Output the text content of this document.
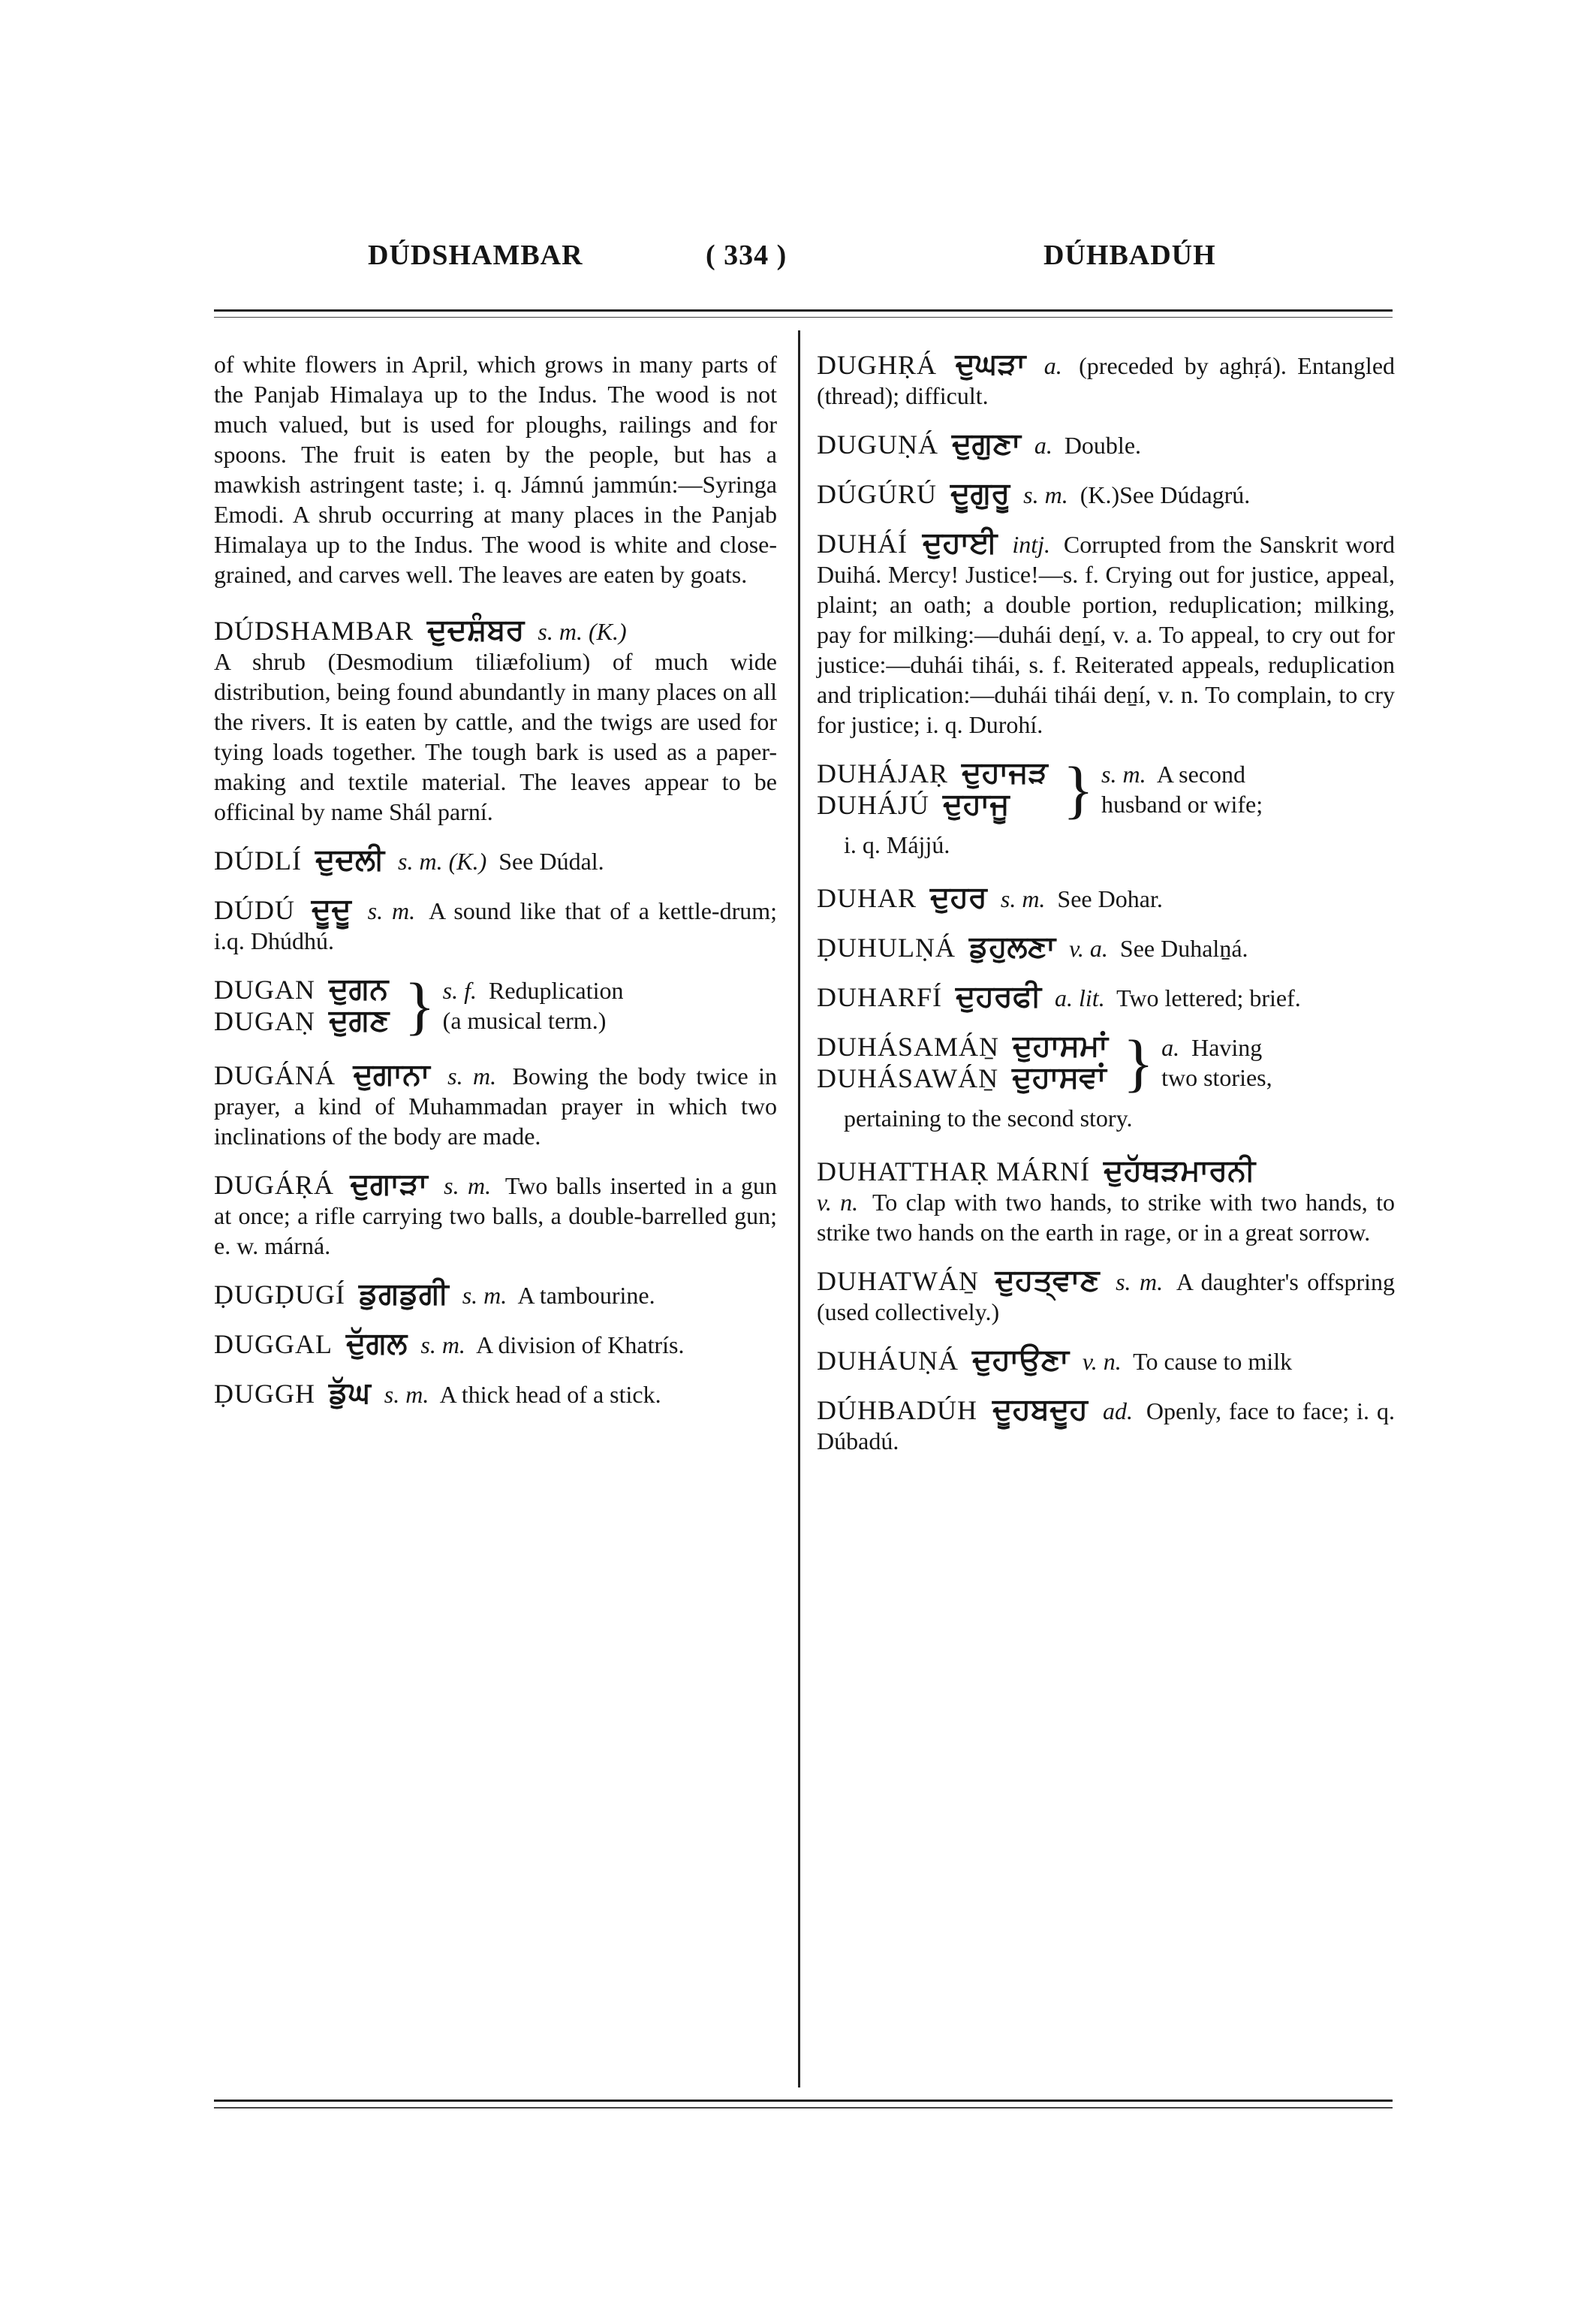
DÚDSHAMBAR	( 334 )	DÚHBADÚH

of white flowers in April, which grows in many parts of the Panjab Himalaya up to the Indus. The wood is not much valued, but is used for ploughs, railings and for spoons. The fruit is eaten by the people, but has a mawkish astringent taste; i. q. Jámnú jammún:—Syringa Emodi. A shrub occurring at many places in the Panjab Himalaya up to the Indus. The wood is white and close-grained, and carves well. The leaves are eaten by goats.

DÚDSHAMBAR ਦੁਦਸ਼ੰਬਰ s. m. (K.)
A shrub (Desmodium tiliæfolium) of much wide distribution, being found abundantly in many places on all the rivers. It is eaten by cattle, and the twigs are used for tying loads together. The tough bark is used as a paper-making and textile material. The leaves appear to be officinal by name Shál parní.

DÚDLÍ ਦੁਦਲੀ s. m. (K.) See Dúdal.

DÚDÚ ਦੂਦੂ s. m. A sound like that of a kettle-drum; i.q. Dhúdhú.

DUGAN ਦੁਗਨ
DUGAṆ ਦੁਗਣ } s. f. Reduplication
(a musical term.)

DUGÁNÁ ਦੁਗਾਨਾ s. m. Bowing the body twice in prayer, a kind of Muhammadan prayer in which two inclinations of the body are made.

DUGÁṚÁ ਦੁਗਾੜਾ s. m. Two balls inserted in a gun at once; a rifle carrying two balls, a double-barrelled gun; e. w. márná.

ḌUGḌUGÍ ਡੁਗਡੁਗੀ s. m. A tambourine.

DUGGAL ਦੁੱਗਲ s. m. A division of Khatrís.

ḌUGGH ਡੁੱਘ s. m. A thick head of a stick.

DUGHṚÁ ਦੁਘੜਾ a. (preceded by aghṛá). Entangled (thread); difficult.

DUGUṆÁ ਦੁਗੁਣਾ a. Double.

DÚGÚRÚ ਦੂਗੁਰੂ s. m. (K.)See Dúdagrú.

DUHÁÍ ਦੁਹਾਈ intj. Corrupted from the Sanskrit word Duihá. Mercy! Justice!—s. f. Crying out for justice, appeal, plaint; an oath; a double portion, reduplication; milking, pay for milking:—duhái deṉí, v. a. To appeal, to cry out for justice:—duhái tihái, s. f. Reiterated appeals, reduplication and triplication:—duhái tihái deṉí, v. n. To complain, to cry for justice; i. q. Durohí.

DUHÁJAṚ ਦੁਹਾਜੜ
DUHÁJÚ ਦੁਹਾਜੂ } s. m. A second
husband or wife;

i. q. Májjú.

DUHAR ਦੁਹਰ s. m. See Dohar.

ḌUHULṆÁ ਡੁਹੁਲਣਾ v. a. See Duhalṉá.

DUHARFÍ ਦੁਹਰਫੀ a. lit. Two lettered; brief.

DUHÁSAMÁṈ ਦੁਹਾਸਮਾਂ
DUHÁSAWÁṈ ਦੁਹਾਸਵਾਂ } a. Having
two stories,

pertaining to the second story.

DUHATTHAṚ MÁRNÍ ਦੁਹੱਥੜਮਾਰਨੀ
v. n. To clap with two hands, to strike with two hands, to strike two hands on the earth in rage, or in a great sorrow.

DUHATWÁṈ ਦੁਹਤ੍ਵਾਣ s. m. A daughter's offspring (used collectively.)

DUHÁUṆÁ ਦੁਹਾਉਣਾ v. n. To cause to milk

DÚHBADÚH ਦੂਹਬਦੂਹ ad. Openly, face to face; i. q. Dúbadú.
